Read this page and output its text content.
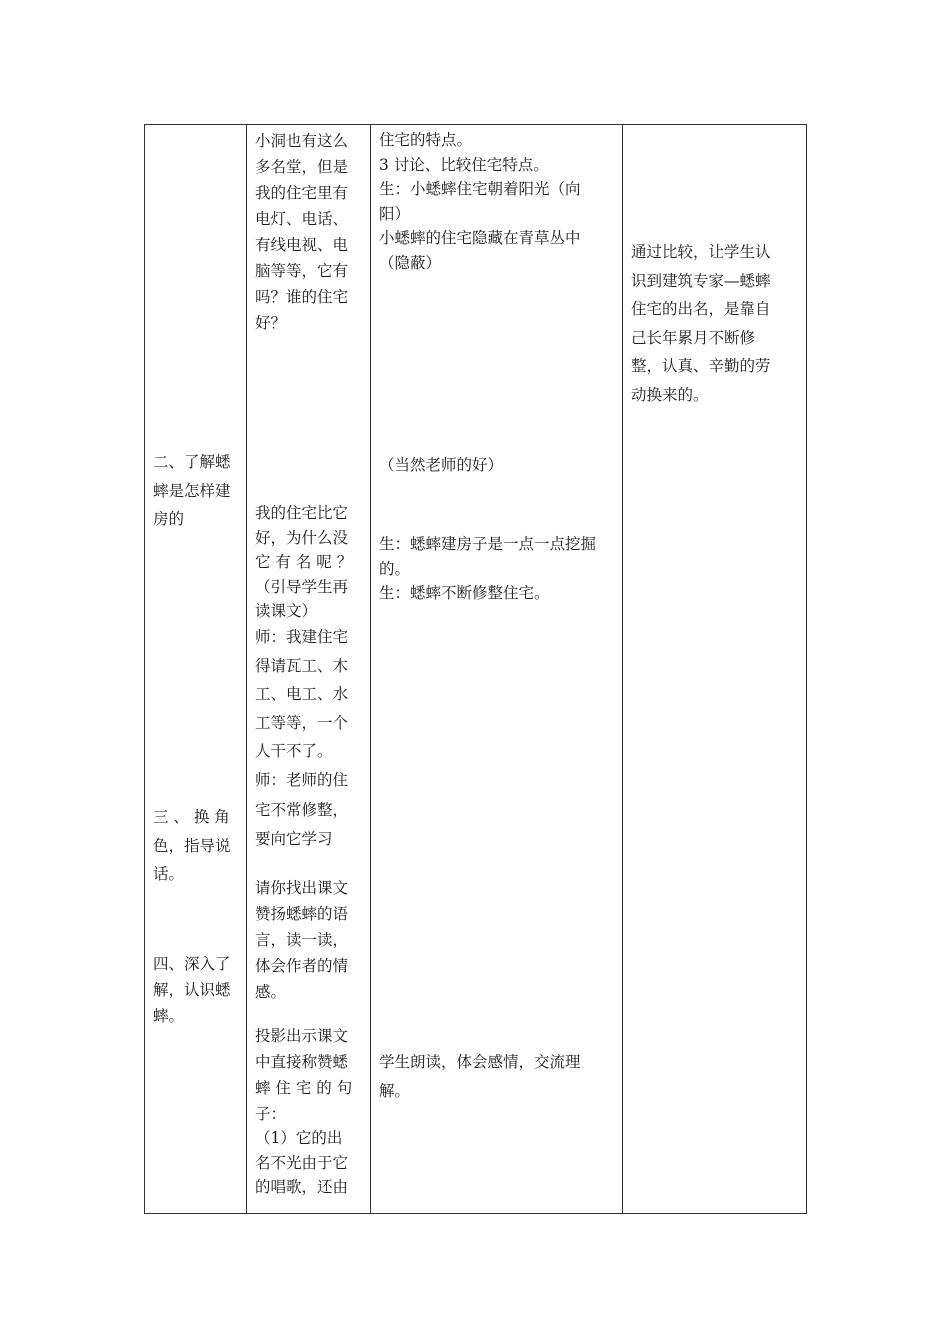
二、了解蟋
蟀是怎样建
房的
三 、 换 角
色，指导说
话。
四、深入了
解，认识蟋
蟀。
小洞也有这么
多名堂，但是
我的住宅里有
电灯、电话、
有线电视、电
脑等等，它有
吗？谁的住宅
好？
我的住宅比它
好，为什么没
它 有 名 呢 ？
（引导学生再
读课文）
师：我建住宅
得请瓦工、木
工、电工、水
工等等，一个
人干不了。
师：老师的住
宅不常修整，
要向它学习
请你找出课文
赞扬蟋蟀的语
言，读一读，
体会作者的情
感。
投影出示课文
中直接称赞蟋
蟀 住 宅 的 句
子：
（1）它的出
名不光由于它
的唱歌，还由
住宅的特点。
3 讨论、比较住宅特点。
生：小蟋蟀住宅朝着阳光（向
阳）
小蟋蟀的住宅隐藏在青草丛中
（隐蔽）
（当然老师的好）
生：蟋蟀建房子是一点一点挖掘
的。
生：蟋蟀不断修整住宅。
学生朗读，体会感情，交流理
解。
通过比较，让学生认
识到建筑专家—蟋蟀
住宅的出名，是靠自
己长年累月不断修
整，认真、辛勤的劳
动换来的。
